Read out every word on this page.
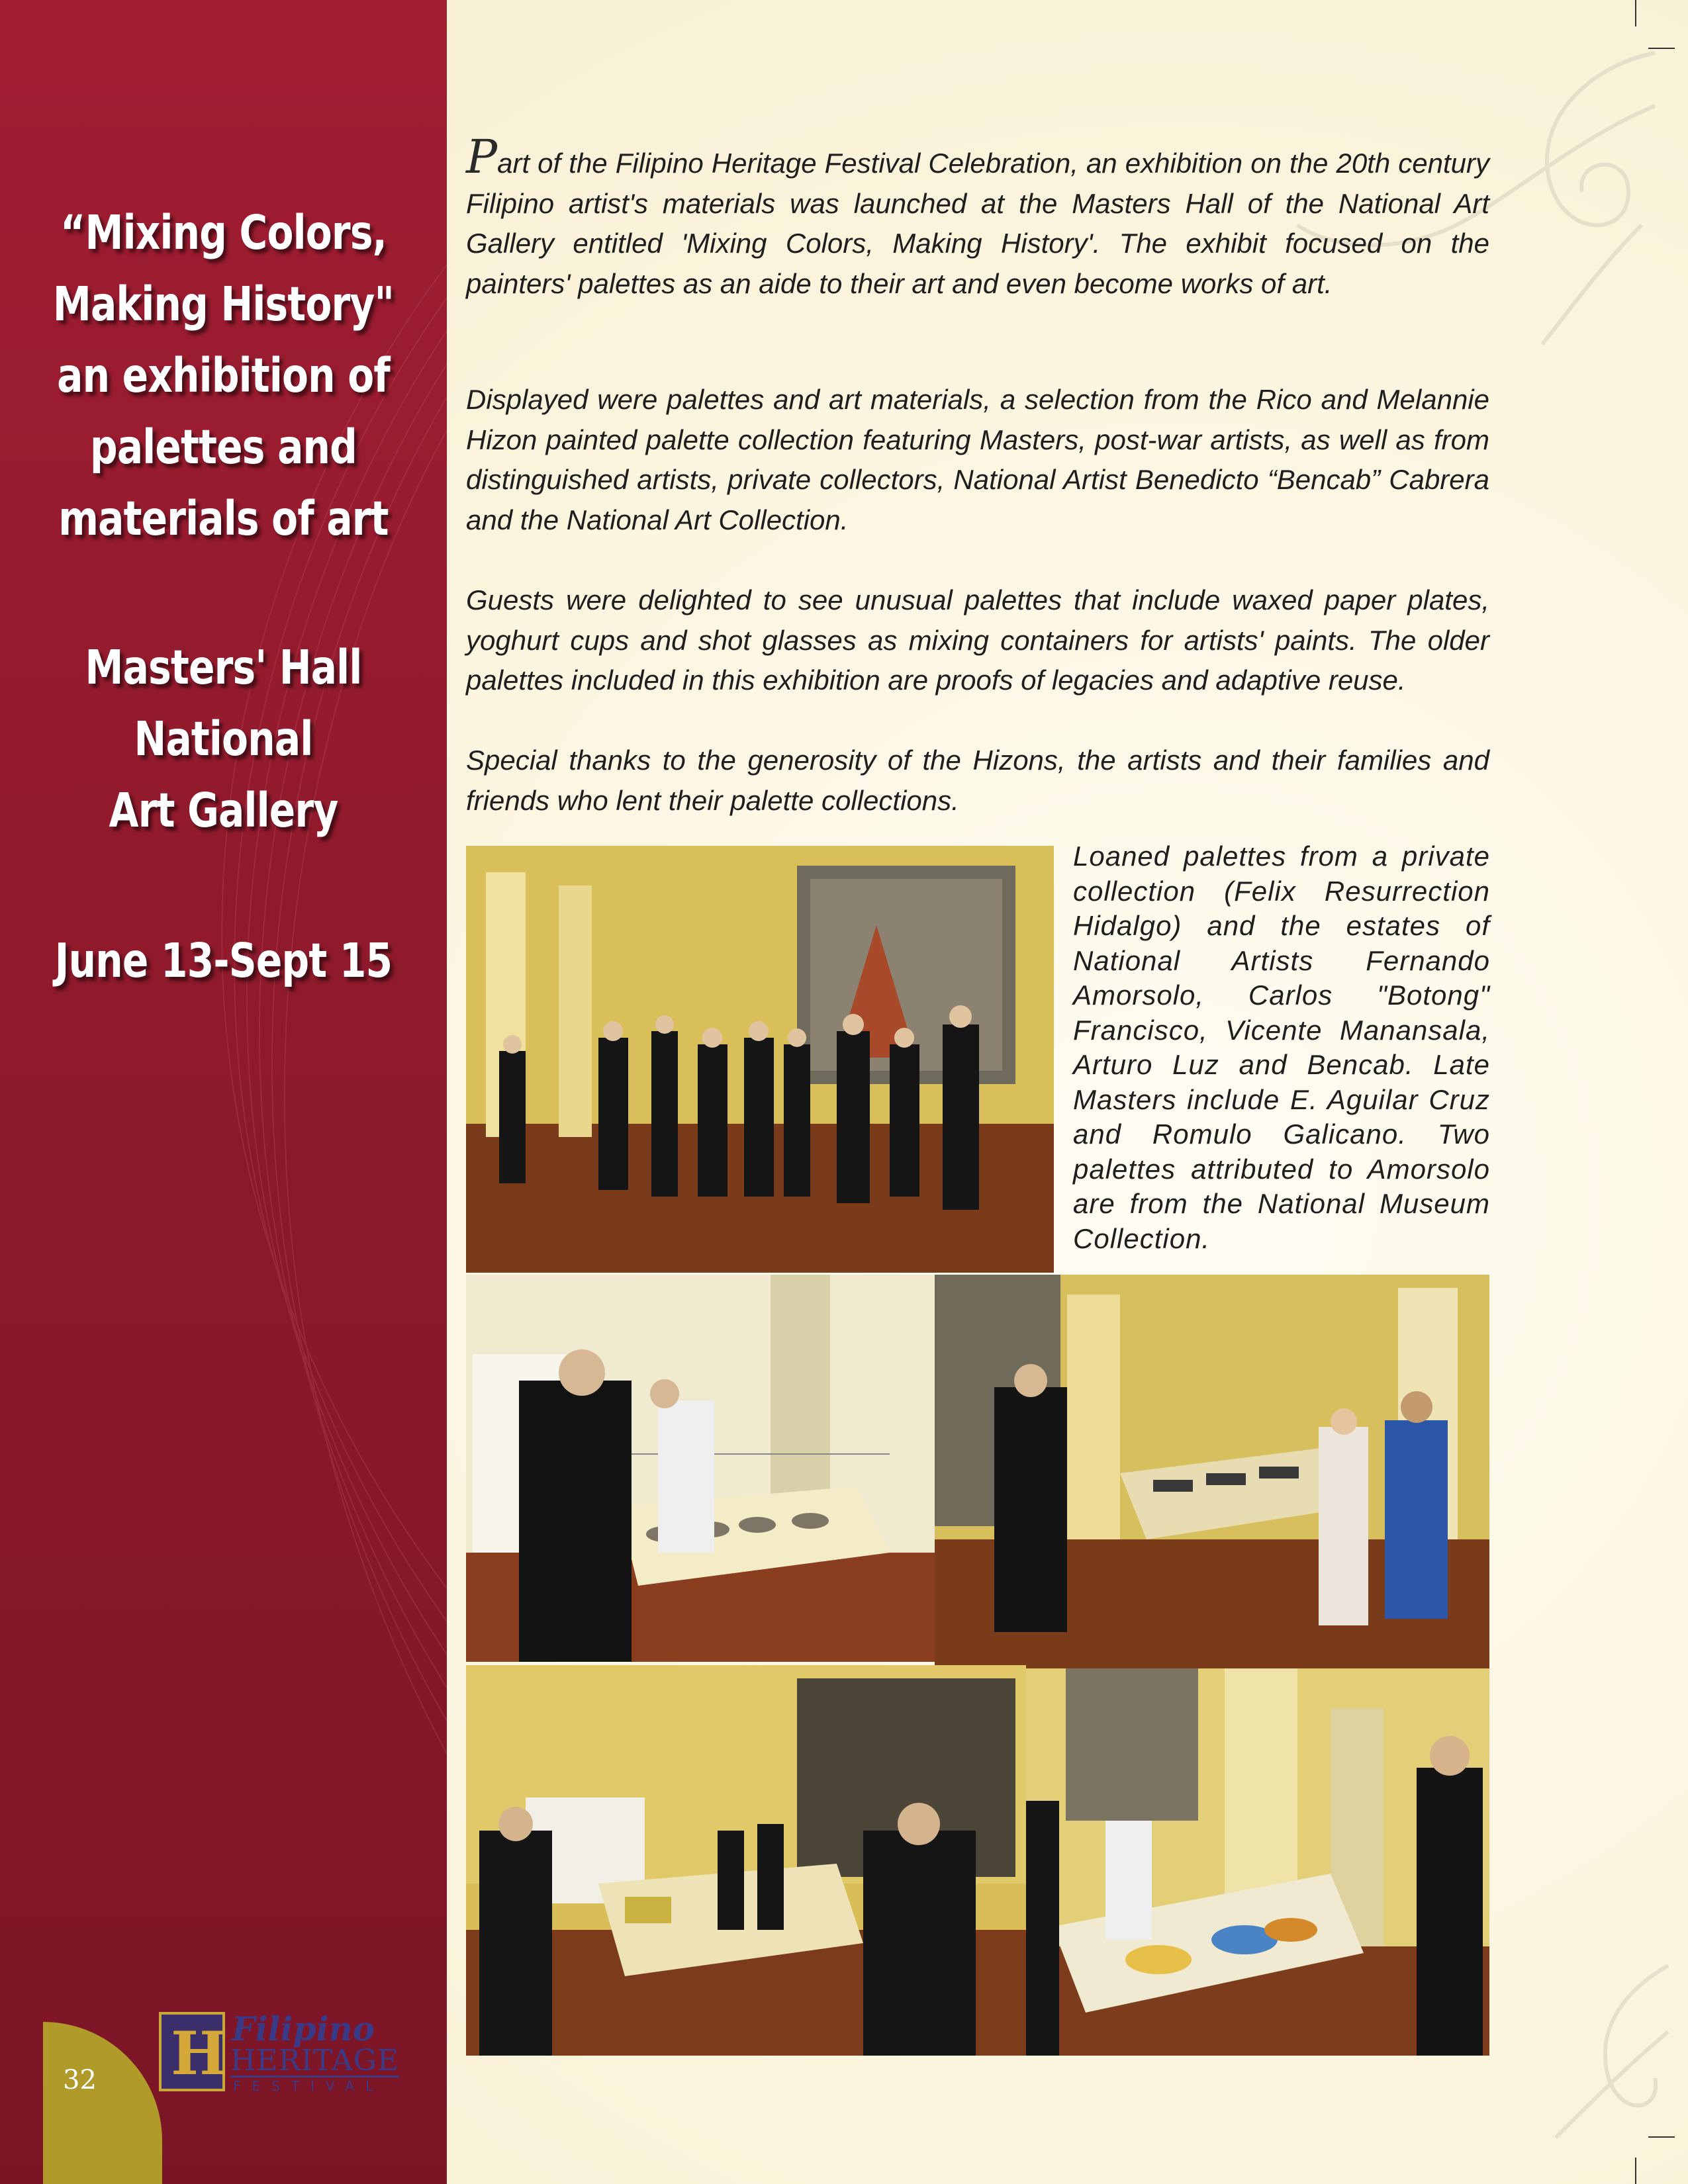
“Mixing Colors,
Making History"
an exhibition of
palettes and
materials of art
Masters' Hall
National
Art Gallery
June 13-Sept 15
32 H Filipino
HERITAGE
FESTIVAL
Part of the Filipino Heritage Festival Celebration, an exhibition on the 20th century Filipino artist's materials was launched at the Masters Hall of the National Art Gallery entitled 'Mixing Colors, Making History'. The exhibit focused on the painters' palettes as an aide to their art and even become works of art.
Displayed were palettes and art materials, a selection from the Rico and Melannie Hizon painted palette collection featuring Masters, post-war artists, as well as from distinguished artists, private collectors, National Artist Benedicto “Bencab” Cabrera and the National Art Collection.
Guests were delighted to see unusual palettes that include waxed paper plates, yoghurt cups and shot glasses as mixing containers for artists' paints. The older palettes included in this exhibition are proofs of legacies and adaptive reuse.
Special thanks to the generosity of the Hizons, the artists and their families and friends who lent their palette collections.
Loaned palettes from a private collection (Felix Resurrection Hidalgo) and the estates of National Artists Fernando Amorsolo, Carlos "Botong" Francisco, Vicente Manansala, Arturo Luz and Bencab. Late Masters include E. Aguilar Cruz and Romulo Galicano. Two palettes attributed to Amorsolo are from the National Museum Collection.
